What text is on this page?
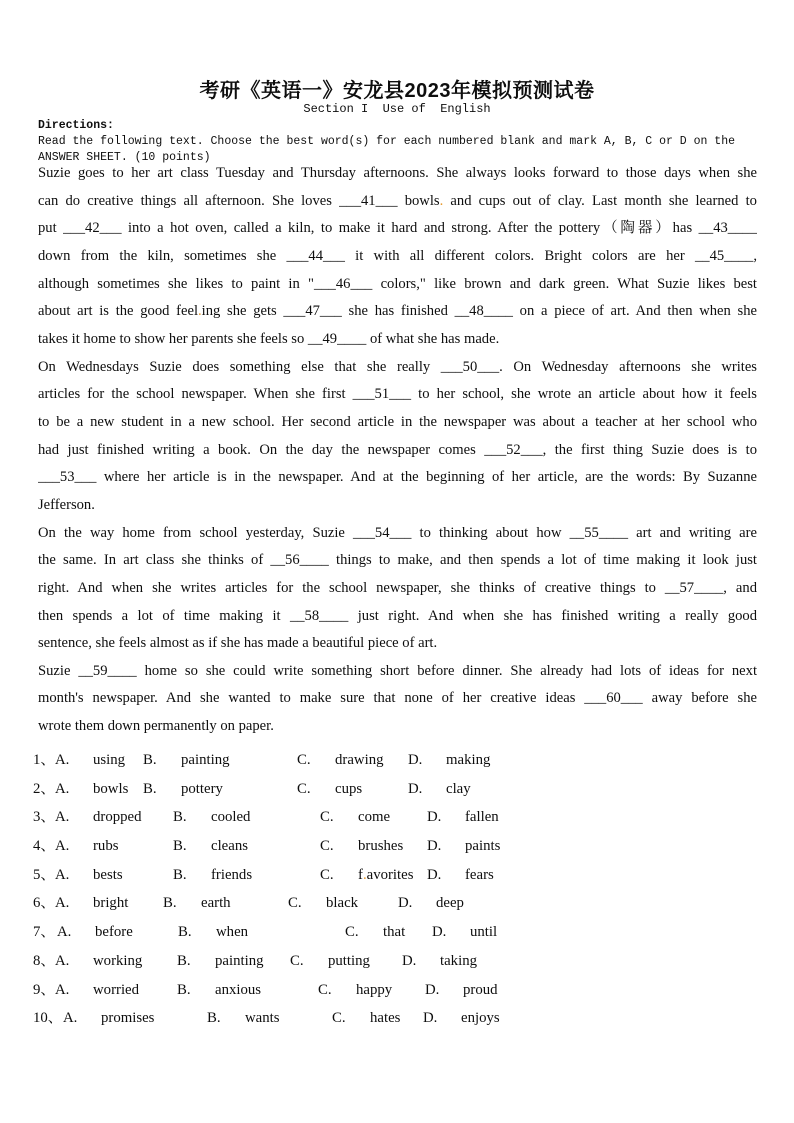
考研《英语一》安龙县2023年模拟预测试卷
Section I  Use of  English
Directions:
Read the following text. Choose the best word(s) for each numbered blank and mark A, B, C or D on the
ANSWER SHEET. (10 points)
Suzie goes to her art class Tuesday and Thursday afternoons. She always looks forward to those days when she
can do creative things all afternoon. She loves ___41___ bowls. and cups out of clay. Last month she learned to
put ___42___ into a hot oven, called a kiln, to make it hard and strong. After the pottery（陶器）has __43____
down from the kiln, sometimes she ___44___ it with all different colors. Bright colors are her __45____,
although sometimes she likes to paint in "___46___ colors," like brown and dark green. What Suzie likes best
about art is the good feel.ing she gets ___47___ she has finished __48____ on a piece of art. And then when she
takes it home to show her parents she feels so __49____ of what she has made.
On Wednesdays Suzie does something else that she really ___50___. On Wednesday afternoons she writes
articles for the school newspaper. When she first ___51___ to her school, she wrote an article about how it feels
to be a new student in a new school. Her second article in the newspaper was about a teacher at her school who
had just finished writing a book. On the day the newspaper comes ___52___, the first thing Suzie does is to
___53___ where her article is in the newspaper. And at the beginning of her article, are the words: By Suzanne
Jefferson.
On the way home from school yesterday, Suzie ___54___ to thinking about how __55____ art and writing are
the same. In art class she thinks of __56____ things to make, and then spends a lot of time making it look just
right. And when she writes articles for the school newspaper, she thinks of creative things to __57____, and
then spends a lot of time making it __58____ just right. And when she has finished writing a really good
sentence, she feels almost as if she has made a beautiful piece of art.
Suzie __59____ home so she could write something short before dinner. She already had lots of ideas for next
month's newspaper. And she wanted to make sure that none of her creative ideas ___60___ away before she
wrote them down permanently on paper.
1、A. using B. painting	C. drawing D. making
2、A. bowls B. pottery	C. cups	D. clay
3、A. dropped B. cooled	C. come D. fallen
4、A. rubs	B. cleans	C. brushes D. paints
5、A. bests	B. friends	C. f.avorites D. fears
6、A. bright B. earth	C. black	D. deep
7、 A. before	B. when	C. that D. until
8、A. working B. painting C. putting D. taking
9、A. worried	B. anxious	C. happy D. proud
10、A. promises	B. wants	C. hates D. enjoys
